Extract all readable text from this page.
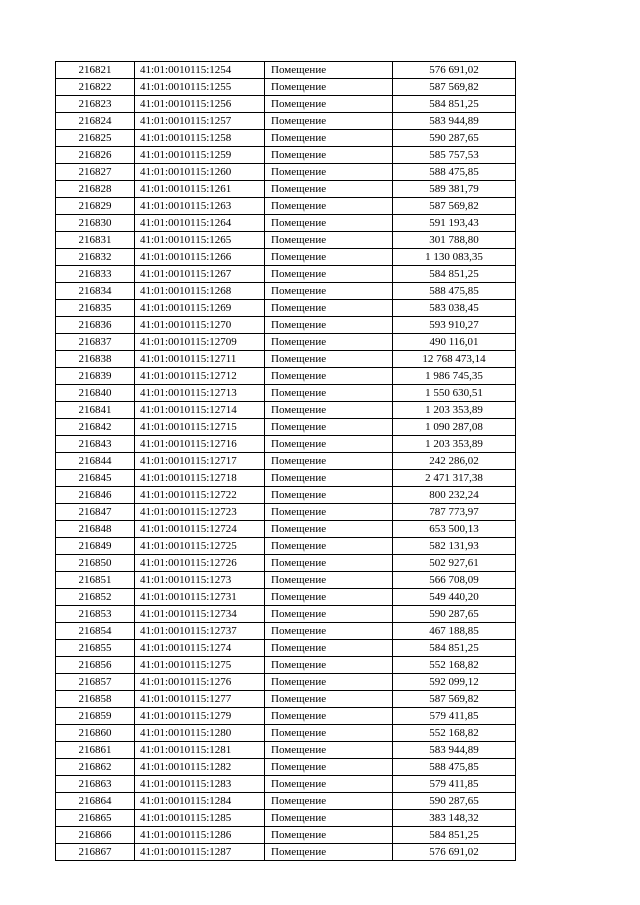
216821	41:01:0010115:1254	Помещение	576 691,02
216822	41:01:0010115:1255	Помещение	587 569,82
216823	41:01:0010115:1256	Помещение	584 851,25
216824	41:01:0010115:1257	Помещение	583 944,89
216825	41:01:0010115:1258	Помещение	590 287,65
216826	41:01:0010115:1259	Помещение	585 757,53
216827	41:01:0010115:1260	Помещение	588 475,85
216828	41:01:0010115:1261	Помещение	589 381,79
216829	41:01:0010115:1263	Помещение	587 569,82
216830	41:01:0010115:1264	Помещение	591 193,43
216831	41:01:0010115:1265	Помещение	301 788,80
216832	41:01:0010115:1266	Помещение	1 130 083,35
216833	41:01:0010115:1267	Помещение	584 851,25
216834	41:01:0010115:1268	Помещение	588 475,85
216835	41:01:0010115:1269	Помещение	583 038,45
216836	41:01:0010115:1270	Помещение	593 910,27
216837	41:01:0010115:12709	Помещение	490 116,01
216838	41:01:0010115:12711	Помещение	12 768 473,14
216839	41:01:0010115:12712	Помещение	1 986 745,35
216840	41:01:0010115:12713	Помещение	1 550 630,51
216841	41:01:0010115:12714	Помещение	1 203 353,89
216842	41:01:0010115:12715	Помещение	1 090 287,08
216843	41:01:0010115:12716	Помещение	1 203 353,89
216844	41:01:0010115:12717	Помещение	242 286,02
216845	41:01:0010115:12718	Помещение	2 471 317,38
216846	41:01:0010115:12722	Помещение	800 232,24
216847	41:01:0010115:12723	Помещение	787 773,97
216848	41:01:0010115:12724	Помещение	653 500,13
216849	41:01:0010115:12725	Помещение	582 131,93
216850	41:01:0010115:12726	Помещение	502 927,61
216851	41:01:0010115:1273	Помещение	566 708,09
216852	41:01:0010115:12731	Помещение	549 440,20
216853	41:01:0010115:12734	Помещение	590 287,65
216854	41:01:0010115:12737	Помещение	467 188,85
216855	41:01:0010115:1274	Помещение	584 851,25
216856	41:01:0010115:1275	Помещение	552 168,82
216857	41:01:0010115:1276	Помещение	592 099,12
216858	41:01:0010115:1277	Помещение	587 569,82
216859	41:01:0010115:1279	Помещение	579 411,85
216860	41:01:0010115:1280	Помещение	552 168,82
216861	41:01:0010115:1281	Помещение	583 944,89
216862	41:01:0010115:1282	Помещение	588 475,85
216863	41:01:0010115:1283	Помещение	579 411,85
216864	41:01:0010115:1284	Помещение	590 287,65
216865	41:01:0010115:1285	Помещение	383 148,32
216866	41:01:0010115:1286	Помещение	584 851,25
216867	41:01:0010115:1287	Помещение	576 691,02
